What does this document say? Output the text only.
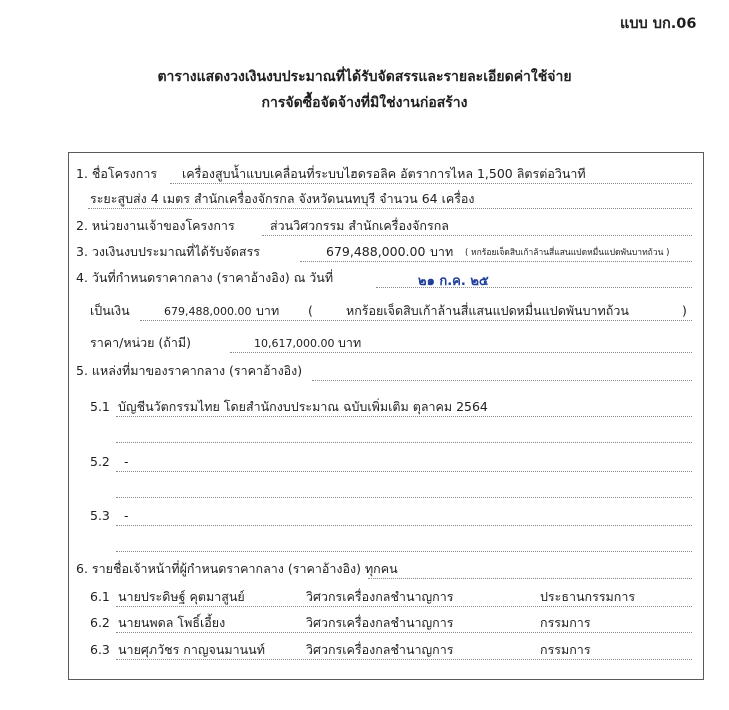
แบบ บก.06
ตารางแสดงวงเงินงบประมาณที่ได้รับจัดสรรและรายละเอียดค่าใช้จ่าย
การจัดซื้อจัดจ้างที่มิใช่งานก่อสร้าง
1. ชื่อโครงการ เครื่องสูบน้ำแบบเคลื่อนที่ระบบไฮดรอลิค อัตราการไหล 1,500 ลิตรต่อวินาที
ระยะสูบส่ง 4 เมตร สำนักเครื่องจักรกล จังหวัดนนทบุรี จำนวน 64 เครื่อง
2. หน่วยงานเจ้าของโครงการ	ส่วนวิศวกรรม สำนักเครื่องจักรกล
3. วงเงินงบประมาณที่ได้รับจัดสรร	679,488,000.00 บาท ( หกร้อยเจ็ดสิบเก้าล้านสี่แสนแปดหมื่นแปดพันบาทถ้วน )
4. วันที่กำหนดราคากลาง (ราคาอ้างอิง) ณ วันที่	๒๑ ก.ค. ๒๕
เป็นเงิน	679,488,000.00 บาท (	หกร้อยเจ็ดสิบเก้าล้านสี่แสนแปดหมื่นแปดพันบาทถ้วน	)
ราคา/หน่วย (ถ้ามี)	10,617,000.00 บาท
5. แหล่งที่มาของราคากลาง (ราคาอ้างอิง)
5.1 บัญชีนวัตกรรมไทย โดยสำนักงบประมาณ ฉบับเพิ่มเติม ตุลาคม 2564
5.2 -
5.3 -
6. รายชื่อเจ้าหน้าที่ผู้กำหนดราคากลาง (ราคาอ้างอิง) ทุกคน
6.1 นายประดิษฐ์ คุตมาสูนย์	วิศวกรเครื่องกลชำนาญการ	ประธานกรรมการ
6.2 นายนพดล โพธิ์เอี้ยง	วิศวกรเครื่องกลชำนาญการ	กรรมการ
6.3 นายศุภวัชร กาญจนมานนท์	วิศวกรเครื่องกลชำนาญการ	กรรมการ
